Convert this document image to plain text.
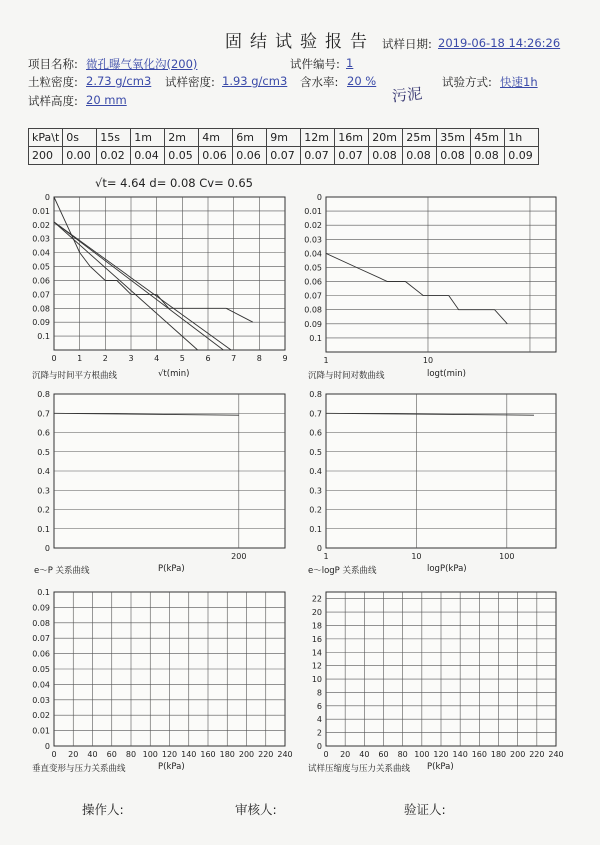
固结试验报告 试样日期: 2019-06-18 14:26:26
项目名称: 微孔曝气氧化沟(200)	试件编号: 1
土粒密度: 2.73 g/cm3 试样密度: 1.93 g/cm3 含水率: 20 %
污泥
试验方式: 快速1h
试样高度: 20 mm
kPa\t	0s	15s	1m	2m	4m	6m	9m	12m	16m	20m	25m	35m	45m	1h
200	0.00	0.02	0.04	0.05	0.06	0.06	0.07	0.07	0.07	0.08	0.08	0.08	0.08	0.09
√t= 4.64 d= 0.08 Cv= 0.65
0
0.01
0.02
0.03
0.04
0.05
0.06
0.07
0.08
0.09
0.1
0	1	2	3	4	5	6	7	8	9
0
0.01
0.02
0.03
0.04
0.05
0.06
0.07
0.08
0.09
0.1
1	10
0
0.1
0.2
0.3
0.4
0.5
0.6
0.7
0.8
200
0
0.1
0.2
0.3
0.4
0.5
0.6
0.7
0.8
1	10	100
0
0.01
0.02
0.03
0.04
0.05
0.06
0.07
0.08
0.09
0.1
0 20 40 60 80 100 120 140 160 180 200 220 240
0
2
4
6
8
10
12
14
16
18
20
22
0 20 40 60 80 100 120 140 160 180 200 220 240
沉降与时间平方根曲线	√t(min)	沉降与时间对数曲线	logt(min)
e～P 关系曲线	P(kPa)	e～logP 关系曲线	logP(kPa)
垂直变形与压力关系曲线	P(kPa)	试样压缩度与压力关系曲线 P(kPa)
操作人:	审核人:	验证人:
